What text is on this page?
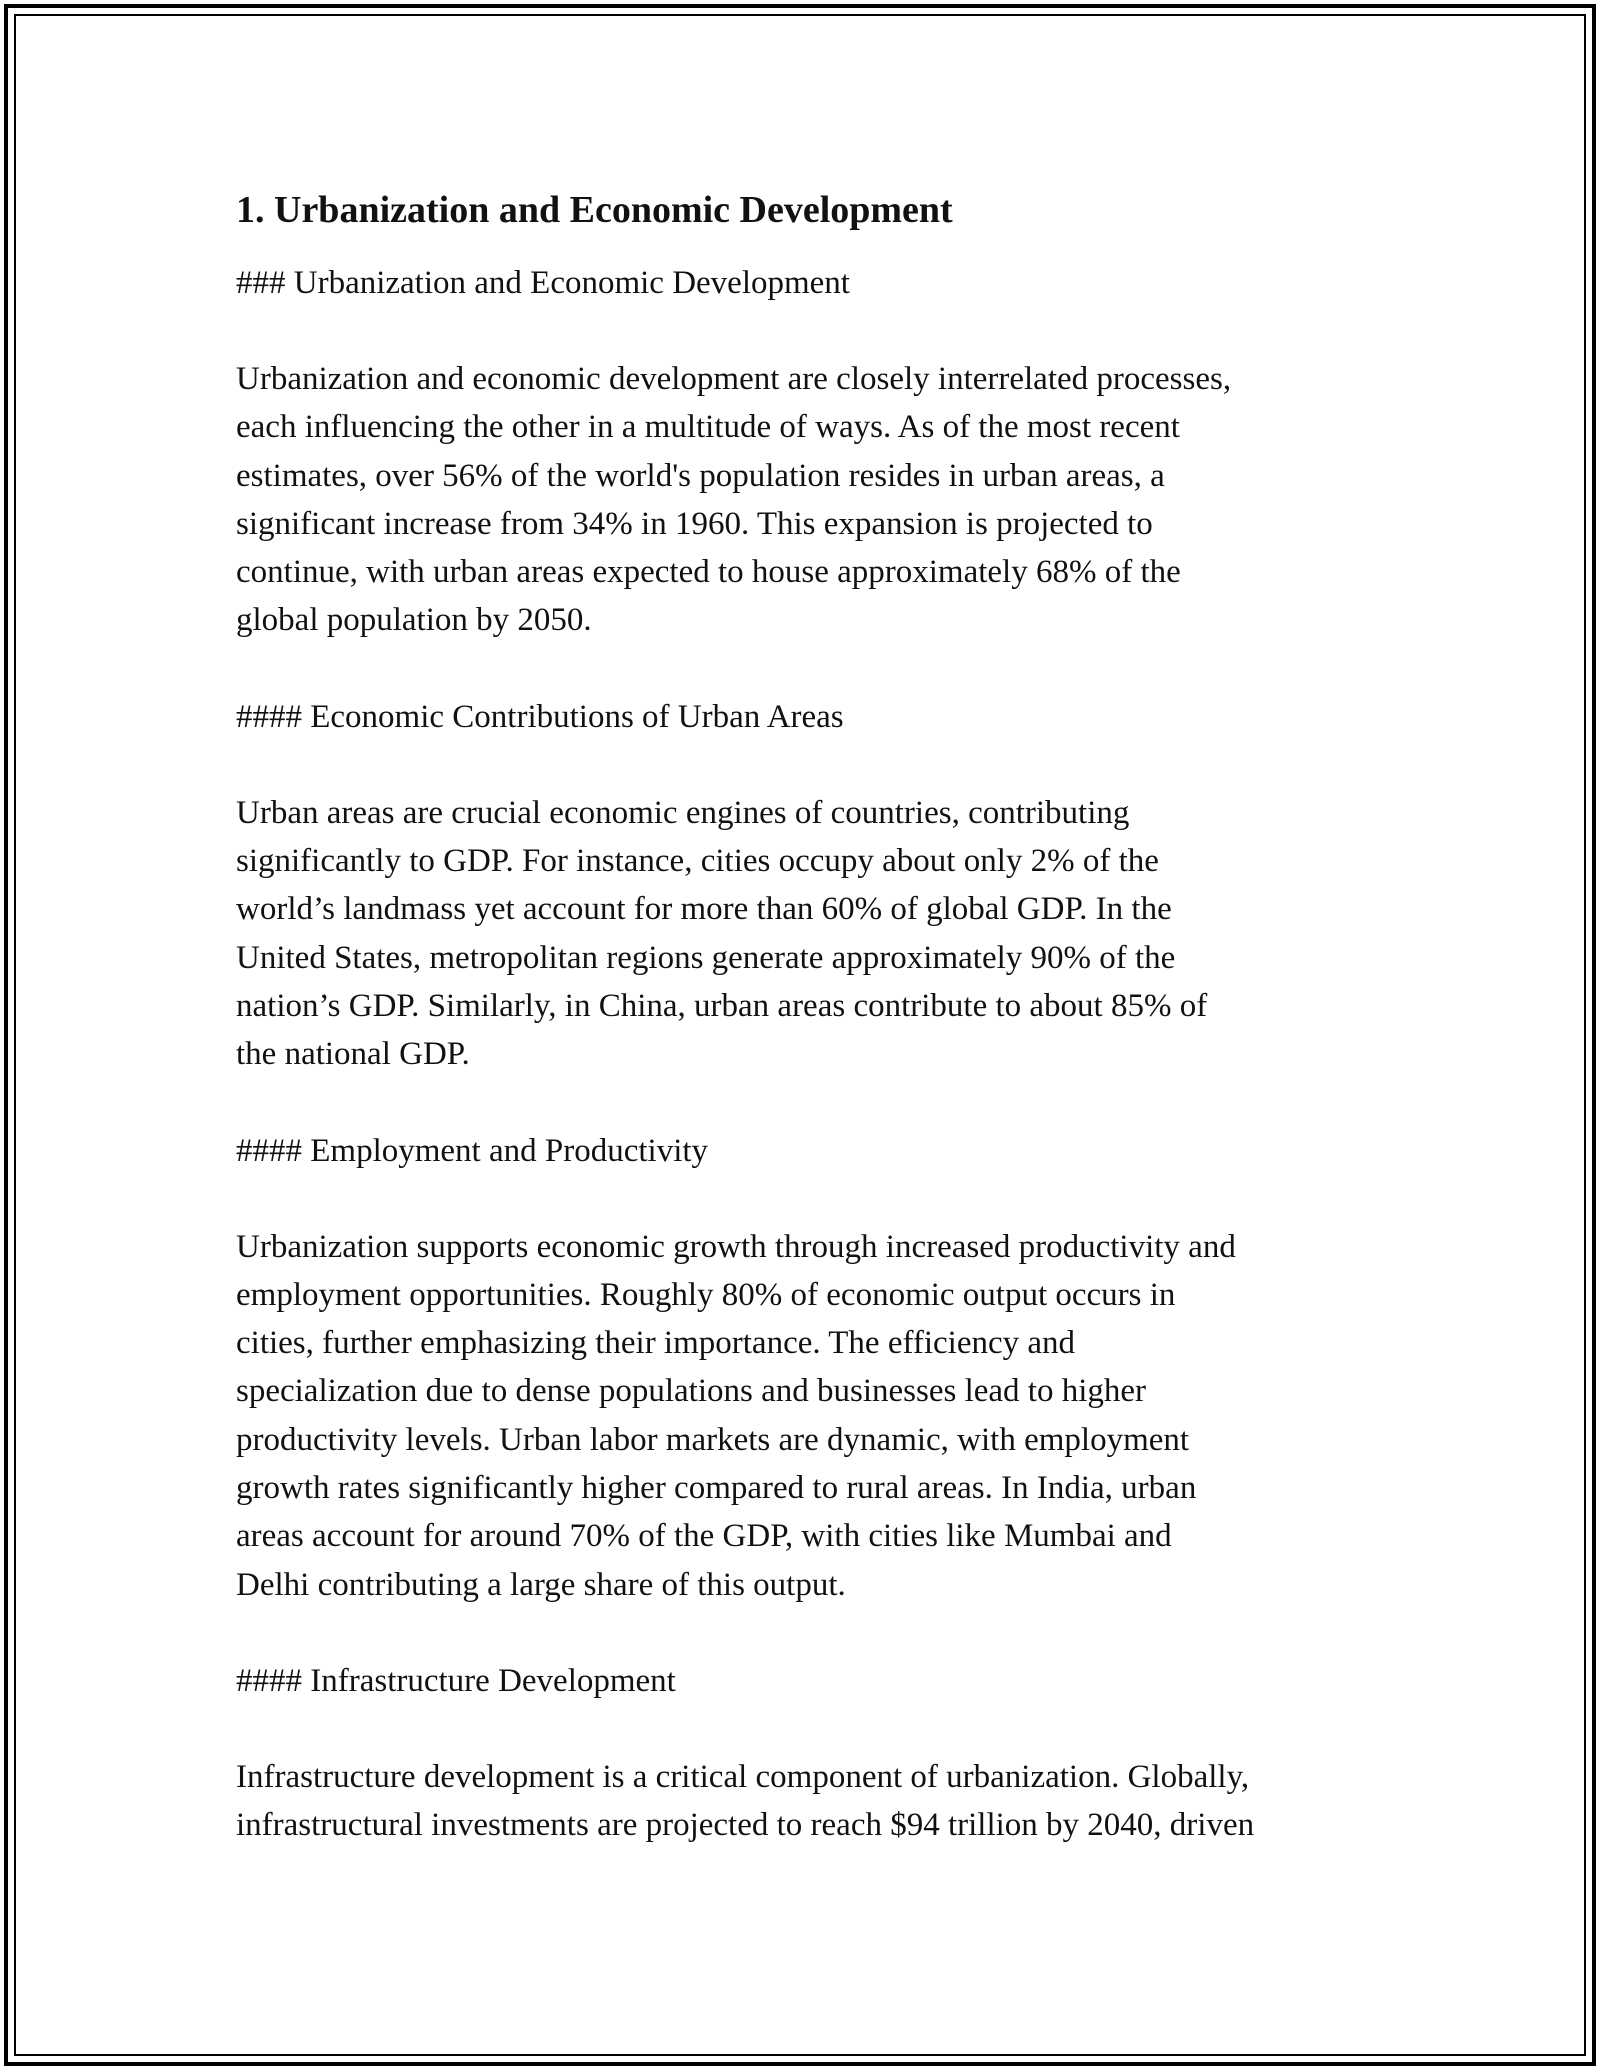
1. Urbanization and Economic Development

### Urbanization and Economic Development

Urbanization and economic development are closely interrelated processes,
each influencing the other in a multitude of ways. As of the most recent
estimates, over 56% of the world's population resides in urban areas, a
significant increase from 34% in 1960. This expansion is projected to
continue, with urban areas expected to house approximately 68% of the
global population by 2050.

#### Economic Contributions of Urban Areas

Urban areas are crucial economic engines of countries, contributing
significantly to GDP. For instance, cities occupy about only 2% of the
world’s landmass yet account for more than 60% of global GDP. In the
United States, metropolitan regions generate approximately 90% of the
nation’s GDP. Similarly, in China, urban areas contribute to about 85% of
the national GDP.

#### Employment and Productivity

Urbanization supports economic growth through increased productivity and
employment opportunities. Roughly 80% of economic output occurs in
cities, further emphasizing their importance. The efficiency and
specialization due to dense populations and businesses lead to higher
productivity levels. Urban labor markets are dynamic, with employment
growth rates significantly higher compared to rural areas. In India, urban
areas account for around 70% of the GDP, with cities like Mumbai and
Delhi contributing a large share of this output.

#### Infrastructure Development

Infrastructure development is a critical component of urbanization. Globally,
infrastructural investments are projected to reach $94 trillion by 2040, driven
